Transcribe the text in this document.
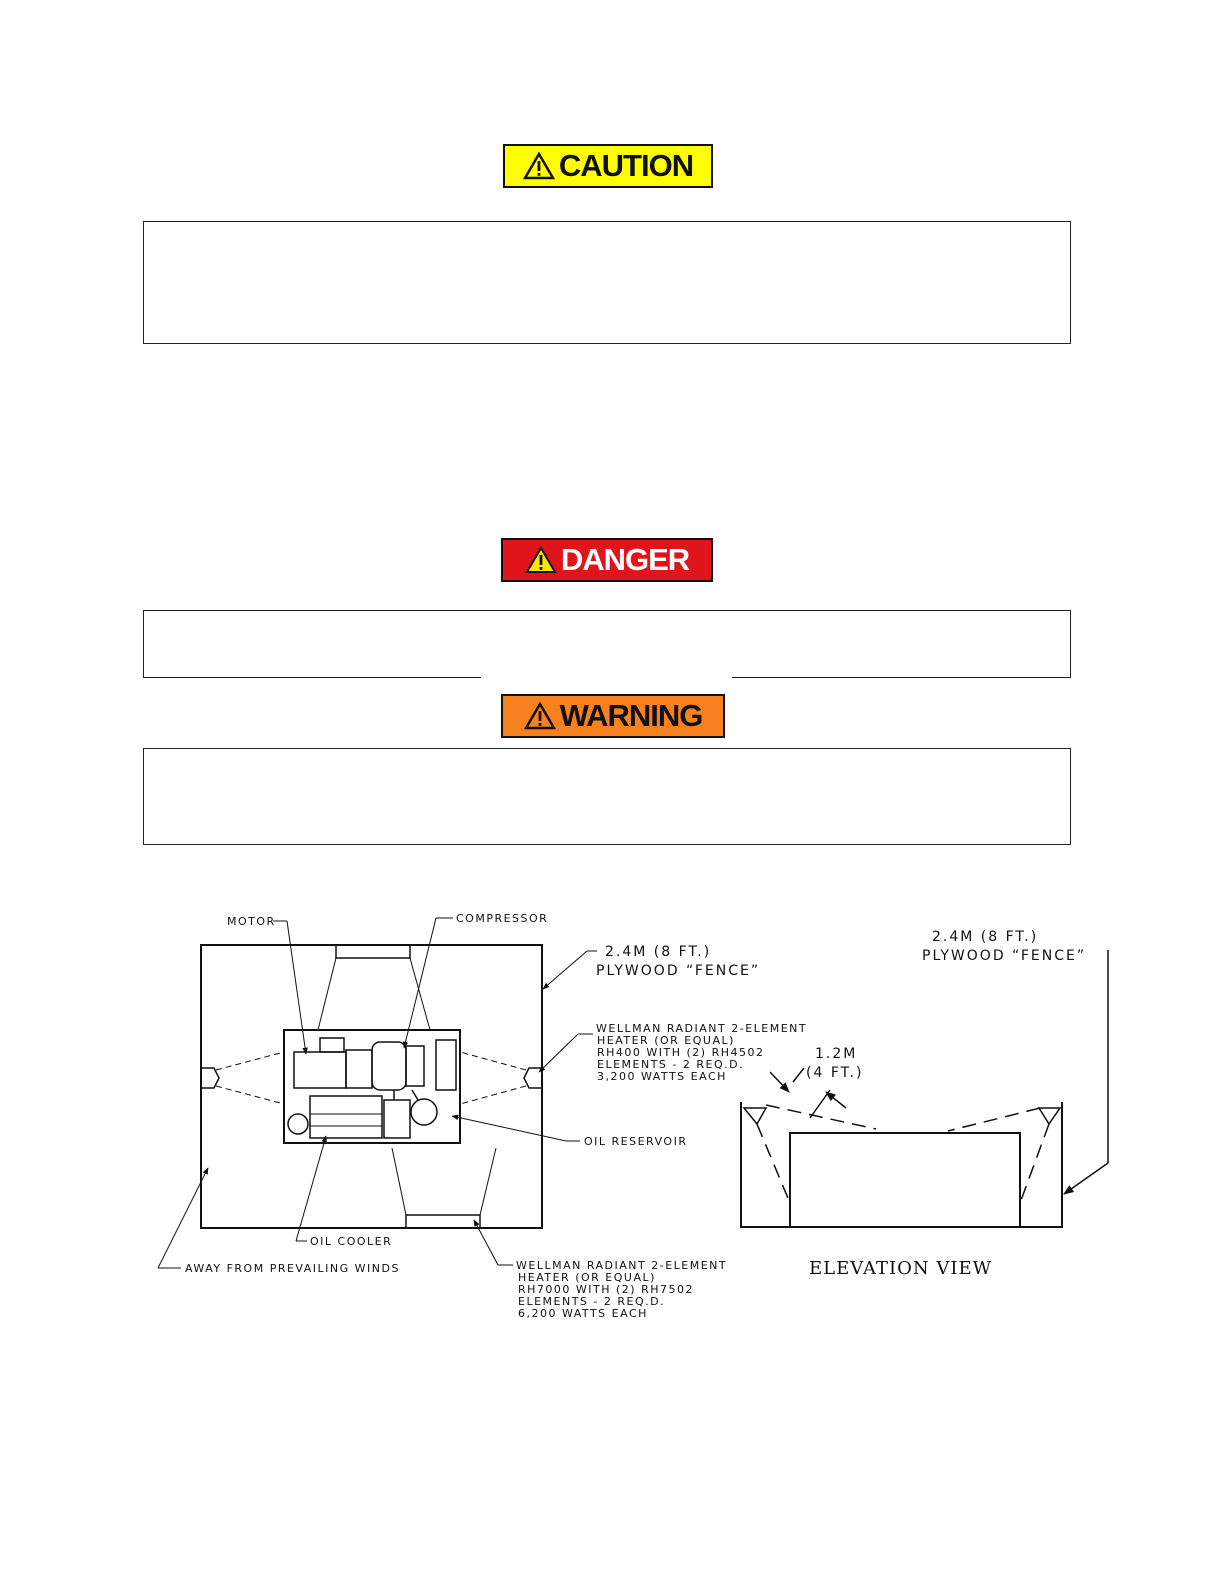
CAUTION
DANGER
WARNING
MOTOR	COMPRESSOR
2.4M (8 FT.)
PLYWOOD “FENCE”
WELLMAN RADIANT 2-ELEMENT
HEATER (OR EQUAL)
RH400 WITH (2) RH4502
ELEMENTS - 2 REQ.D.
3,200 WATTS EACH
OIL RESERVOIR
OIL COOLER
AWAY FROM PREVAILING WINDS	WELLMAN RADIANT 2-ELEMENT
HEATER (OR EQUAL)
RH7000 WITH (2) RH7502
ELEMENTS - 2 REQ.D.
6,200 WATTS EACH
2.4M (8 FT.)
PLYWOOD “FENCE”
1.2M
(4 FT.)
ELEVATION VIEW
